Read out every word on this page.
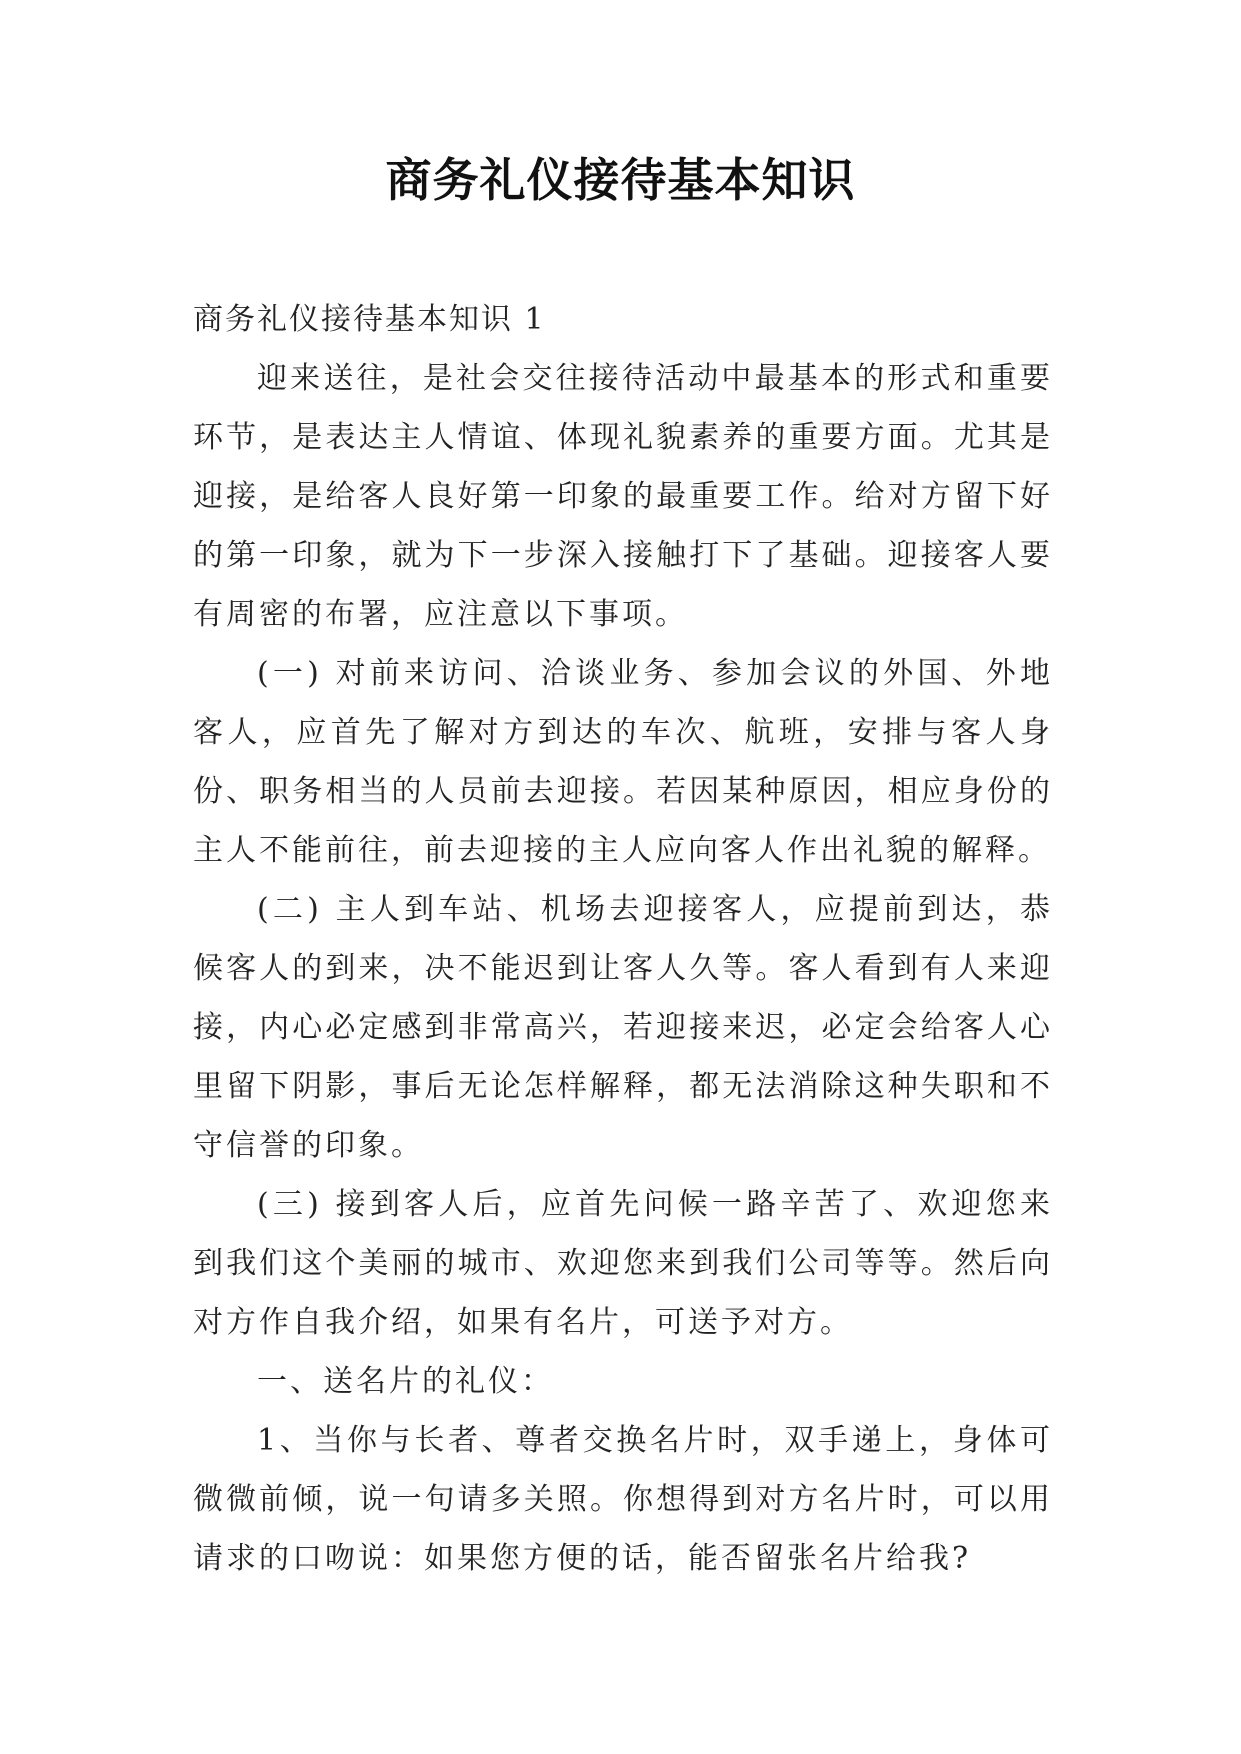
商务礼仪接待基本知识

商务礼仪接待基本知识 1

迎来送往，是社会交往接待活动中最基本的形式和重要环节，是表达主人情谊、体现礼貌素养的重要方面。尤其是迎接，是给客人良好第一印象的最重要工作。给对方留下好的第一印象，就为下一步深入接触打下了基础。迎接客人要有周密的布署，应注意以下事项。

(一) 对前来访问、洽谈业务、参加会议的外国、外地客人，应首先了解对方到达的车次、航班，安排与客人身份、职务相当的人员前去迎接。若因某种原因，相应身份的主人不能前往，前去迎接的主人应向客人作出礼貌的解释。

(二) 主人到车站、机场去迎接客人，应提前到达，恭候客人的到来，决不能迟到让客人久等。客人看到有人来迎接，内心必定感到非常高兴，若迎接来迟，必定会给客人心里留下阴影，事后无论怎样解释，都无法消除这种失职和不守信誉的印象。

(三) 接到客人后，应首先问候一路辛苦了、欢迎您来到我们这个美丽的城市、欢迎您来到我们公司等等。然后向对方作自我介绍，如果有名片，可送予对方。

一、送名片的礼仪：

1、当你与长者、尊者交换名片时，双手递上，身体可微微前倾，说一句请多关照。你想得到对方名片时，可以用请求的口吻说：如果您方便的话，能否留张名片给我?
